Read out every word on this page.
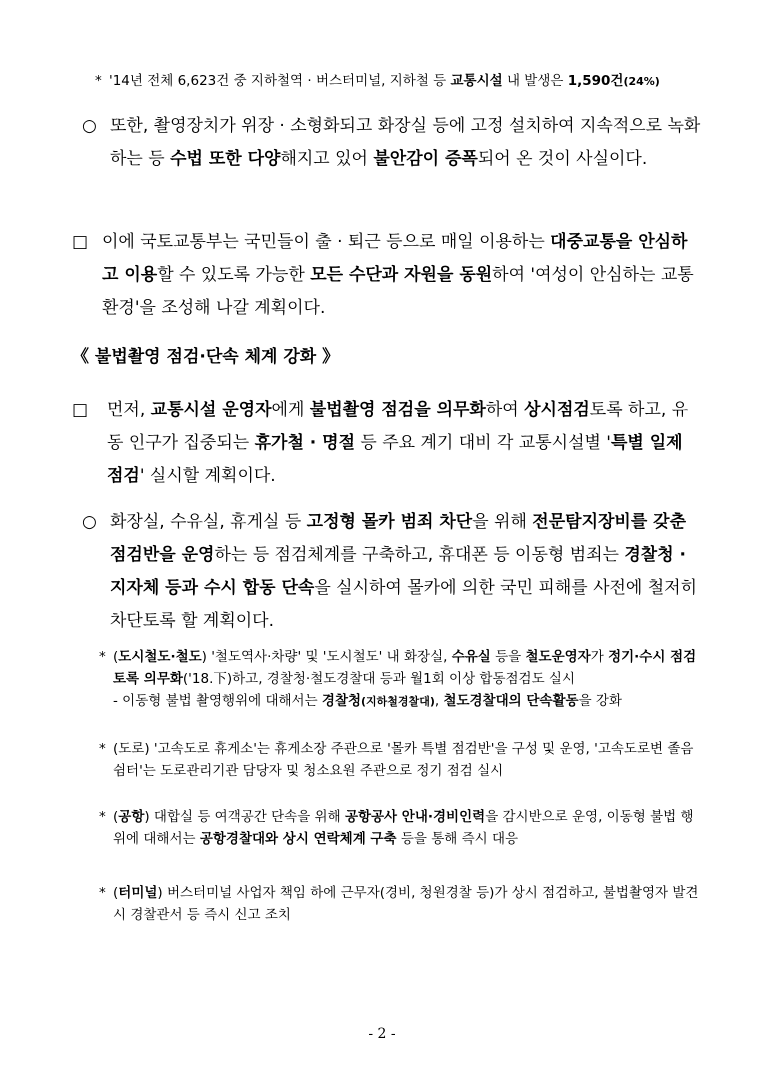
* '14년 전체 6,623건 중 지하철역 · 버스터미널, 지하철 등 교통시설 내 발생은 1,590건(24%)
○ 또한, 촬영장치가 위장 · 소형화되고 화장실 등에 고정 설치하여 지속적으로 녹화하는 등 수법 또한 다양해지고 있어 불안감이 증폭되어 온 것이 사실이다.
□ 이에 국토교통부는 국민들이 출 · 퇴근 등으로 매일 이용하는 대중교통을 안심하고 이용할 수 있도록 가능한 모든 수단과 자원을 동원하여 '여성이 안심하는 교통환경'을 조성해 나갈 계획이다.
《 불법촬영 점검·단속 체계 강화 》
□	먼저, 교통시설 운영자에게 불법촬영 점검을 의무화하여 상시점검토록 하고, 유동 인구가 집중되는 휴가철 · 명절 등 주요 계기 대비 각 교통시설별 '특별 일제 점검' 실시할 계획이다.
○ 화장실, 수유실, 휴게실 등 고정형 몰카 범죄 차단을 위해 전문탐지장비를 갖춘 점검반을 운영하는 등 점검체계를 구축하고, 휴대폰 등 이동형 범죄는 경찰청 · 지자체 등과 수시 합동 단속을 실시하여 몰카에 의한 국민 피해를 사전에 철저히 차단토록 할 계획이다.
* (도시철도·철도) '철도역사·차량' 및 '도시철도' 내 화장실, 수유실 등을 철도운영자가 정기·수시 점검토록 의무화('18.下)하고, 경찰청·철도경찰대 등과 월1회 이상 합동점검도 실시
- 이동형 불법 촬영행위에 대해서는 경찰청(지하철경찰대), 철도경찰대의 단속활동을 강화
* (도로) '고속도로 휴게소'는 휴게소장 주관으로 '몰카 특별 점검반'을 구성 및 운영, '고속도로변 졸음쉼터'는 도로관리기관 담당자 및 청소요원 주관으로 정기 점검 실시
* (공항) 대합실 등 여객공간 단속을 위해 공항공사 안내·경비인력을 감시반으로 운영, 이동형 불법 행위에 대해서는 공항경찰대와 상시 연락체계 구축 등을 통해 즉시 대응
* (터미널) 버스터미널 사업자 책임 하에 근무자(경비, 청원경찰 등)가 상시 점검하고, 불법촬영자 발견 시 경찰관서 등 즉시 신고 조치
- 2 -
